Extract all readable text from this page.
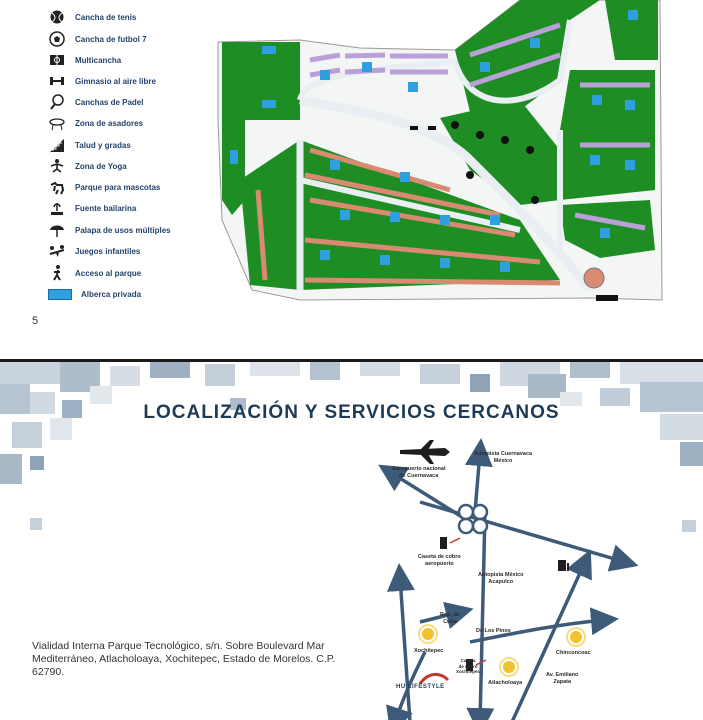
Cancha de tenis
Cancha de futbol 7
Multicancha
Gimnasio al aire libre
Canchas de Padel
Zona de asadores
Talud y gradas
Zona de Yoga
Parque para mascotas
Fuente bailarina
Palapa de usos múltiples
Juegos infantiles
Acceso al parque
Alberca privada
5
LOCALIZACIÓN Y SERVICIOS CERCANOS
Aeropuerto nacional
de Cuernavaca
Autopista Cuernavaca
México
Caseta de cobro
aeropuerto
Autopista México
Acapulco
Rep. de
Cuba
De Los Pinos
Xochitepec
Caseta
de cobro
Xochitepec
Chinconcoac
Av. Emiliano
Zapata
Atlacholoaya
HU LIFESTYLE
Vialidad Interna Parque Tecnológico, s/n. Sobre Boulevard Mar Mediterráneo, Atlacholoaya, Xochitepec, Estado de Morelos. C.P. 62790.
